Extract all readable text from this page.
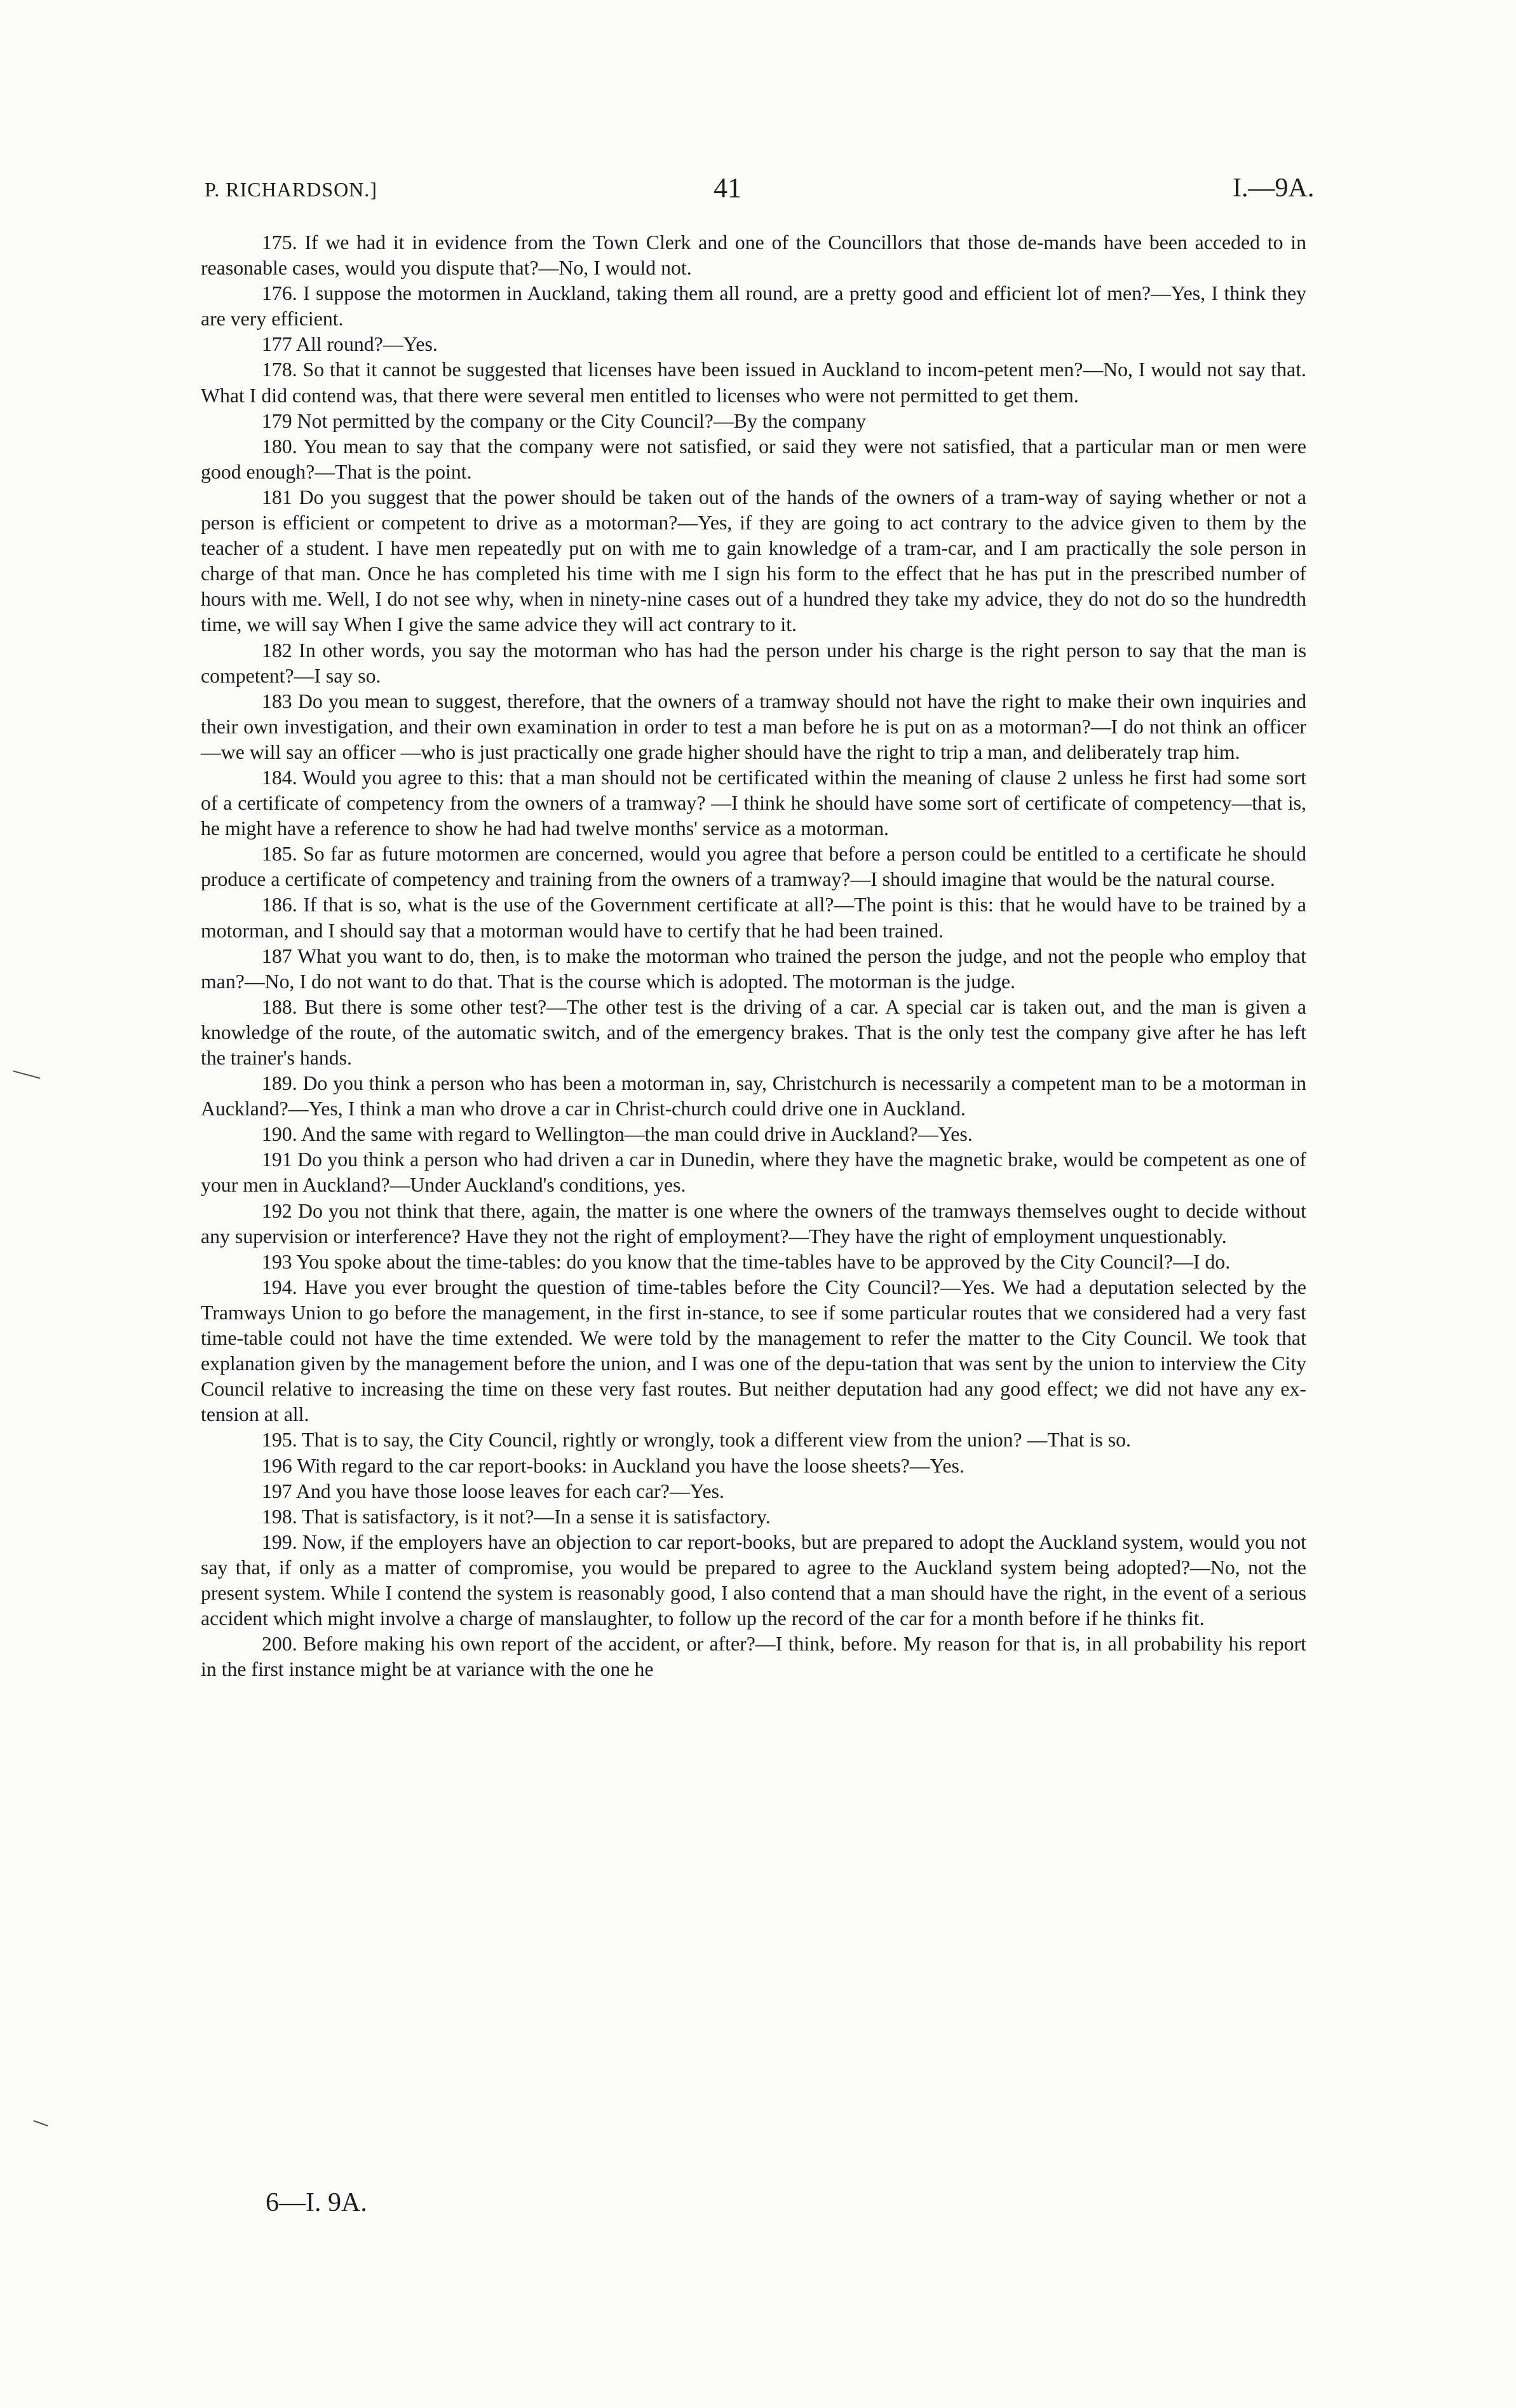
P. RICHARDSON.]	41	I.—9A.

175. If we had it in evidence from the Town Clerk and one of the Councillors that those de-mands have been acceded to in reasonable cases, would you dispute that?—No, I would not.

176. I suppose the motormen in Auckland, taking them all round, are a pretty good and efficient lot of men?—Yes, I think they are very efficient.

177 All round?—Yes.

178. So that it cannot be suggested that licenses have been issued in Auckland to incom-petent men?—No, I would not say that. What I did contend was, that there were several men entitled to licenses who were not permitted to get them.

179 Not permitted by the company or the City Council?—By the company

180. You mean to say that the company were not satisfied, or said they were not satisfied, that a particular man or men were good enough?—That is the point.

181 Do you suggest that the power should be taken out of the hands of the owners of a tram-way of saying whether or not a person is efficient or competent to drive as a motorman?—Yes, if they are going to act contrary to the advice given to them by the teacher of a student. I have men repeatedly put on with me to gain knowledge of a tram-car, and I am practically the sole person in charge of that man. Once he has completed his time with me I sign his form to the effect that he has put in the prescribed number of hours with me. Well, I do not see why, when in ninety-nine cases out of a hundred they take my advice, they do not do so the hundredth time, we will say When I give the same advice they will act contrary to it.

182 In other words, you say the motorman who has had the person under his charge is the right person to say that the man is competent?—I say so.

183 Do you mean to suggest, therefore, that the owners of a tramway should not have the right to make their own inquiries and their own investigation, and their own examination in order to test a man before he is put on as a motorman?—I do not think an officer—we will say an officer —who is just practically one grade higher should have the right to trip a man, and deliberately trap him.

184. Would you agree to this: that a man should not be certificated within the meaning of clause 2 unless he first had some sort of a certificate of competency from the owners of a tramway? —I think he should have some sort of certificate of competency—that is, he might have a reference to show he had had twelve months' service as a motorman.

185. So far as future motormen are concerned, would you agree that before a person could be entitled to a certificate he should produce a certificate of competency and training from the owners of a tramway?—I should imagine that would be the natural course.

186. If that is so, what is the use of the Government certificate at all?—The point is this: that he would have to be trained by a motorman, and I should say that a motorman would have to certify that he had been trained.

187 What you want to do, then, is to make the motorman who trained the person the judge, and not the people who employ that man?—No, I do not want to do that. That is the course which is adopted. The motorman is the judge.

188. But there is some other test?—The other test is the driving of a car. A special car is taken out, and the man is given a knowledge of the route, of the automatic switch, and of the emergency brakes. That is the only test the company give after he has left the trainer's hands.

189. Do you think a person who has been a motorman in, say, Christchurch is necessarily a competent man to be a motorman in Auckland?—Yes, I think a man who drove a car in Christ-church could drive one in Auckland.

190. And the same with regard to Wellington—the man could drive in Auckland?—Yes.

191 Do you think a person who had driven a car in Dunedin, where they have the magnetic brake, would be competent as one of your men in Auckland?—Under Auckland's conditions, yes.

192 Do you not think that there, again, the matter is one where the owners of the tramways themselves ought to decide without any supervision or interference? Have they not the right of employment?—They have the right of employment unquestionably.

193 You spoke about the time-tables: do you know that the time-tables have to be approved by the City Council?—I do.

194. Have you ever brought the question of time-tables before the City Council?—Yes. We had a deputation selected by the Tramways Union to go before the management, in the first in-stance, to see if some particular routes that we considered had a very fast time-table could not have the time extended. We were told by the management to refer the matter to the City Council. We took that explanation given by the management before the union, and I was one of the depu-tation that was sent by the union to interview the City Council relative to increasing the time on these very fast routes. But neither deputation had any good effect; we did not have any ex-tension at all.

195. That is to say, the City Council, rightly or wrongly, took a different view from the union? —That is so.

196 With regard to the car report-books: in Auckland you have the loose sheets?—Yes.

197 And you have those loose leaves for each car?—Yes.

198. That is satisfactory, is it not?—In a sense it is satisfactory.

199. Now, if the employers have an objection to car report-books, but are prepared to adopt the Auckland system, would you not say that, if only as a matter of compromise, you would be prepared to agree to the Auckland system being adopted?—No, not the present system. While I contend the system is reasonably good, I also contend that a man should have the right, in the event of a serious accident which might involve a charge of manslaughter, to follow up the record of the car for a month before if he thinks fit.

200. Before making his own report of the accident, or after?—I think, before. My reason for that is, in all probability his report in the first instance might be at variance with the one he

6—I. 9A.
